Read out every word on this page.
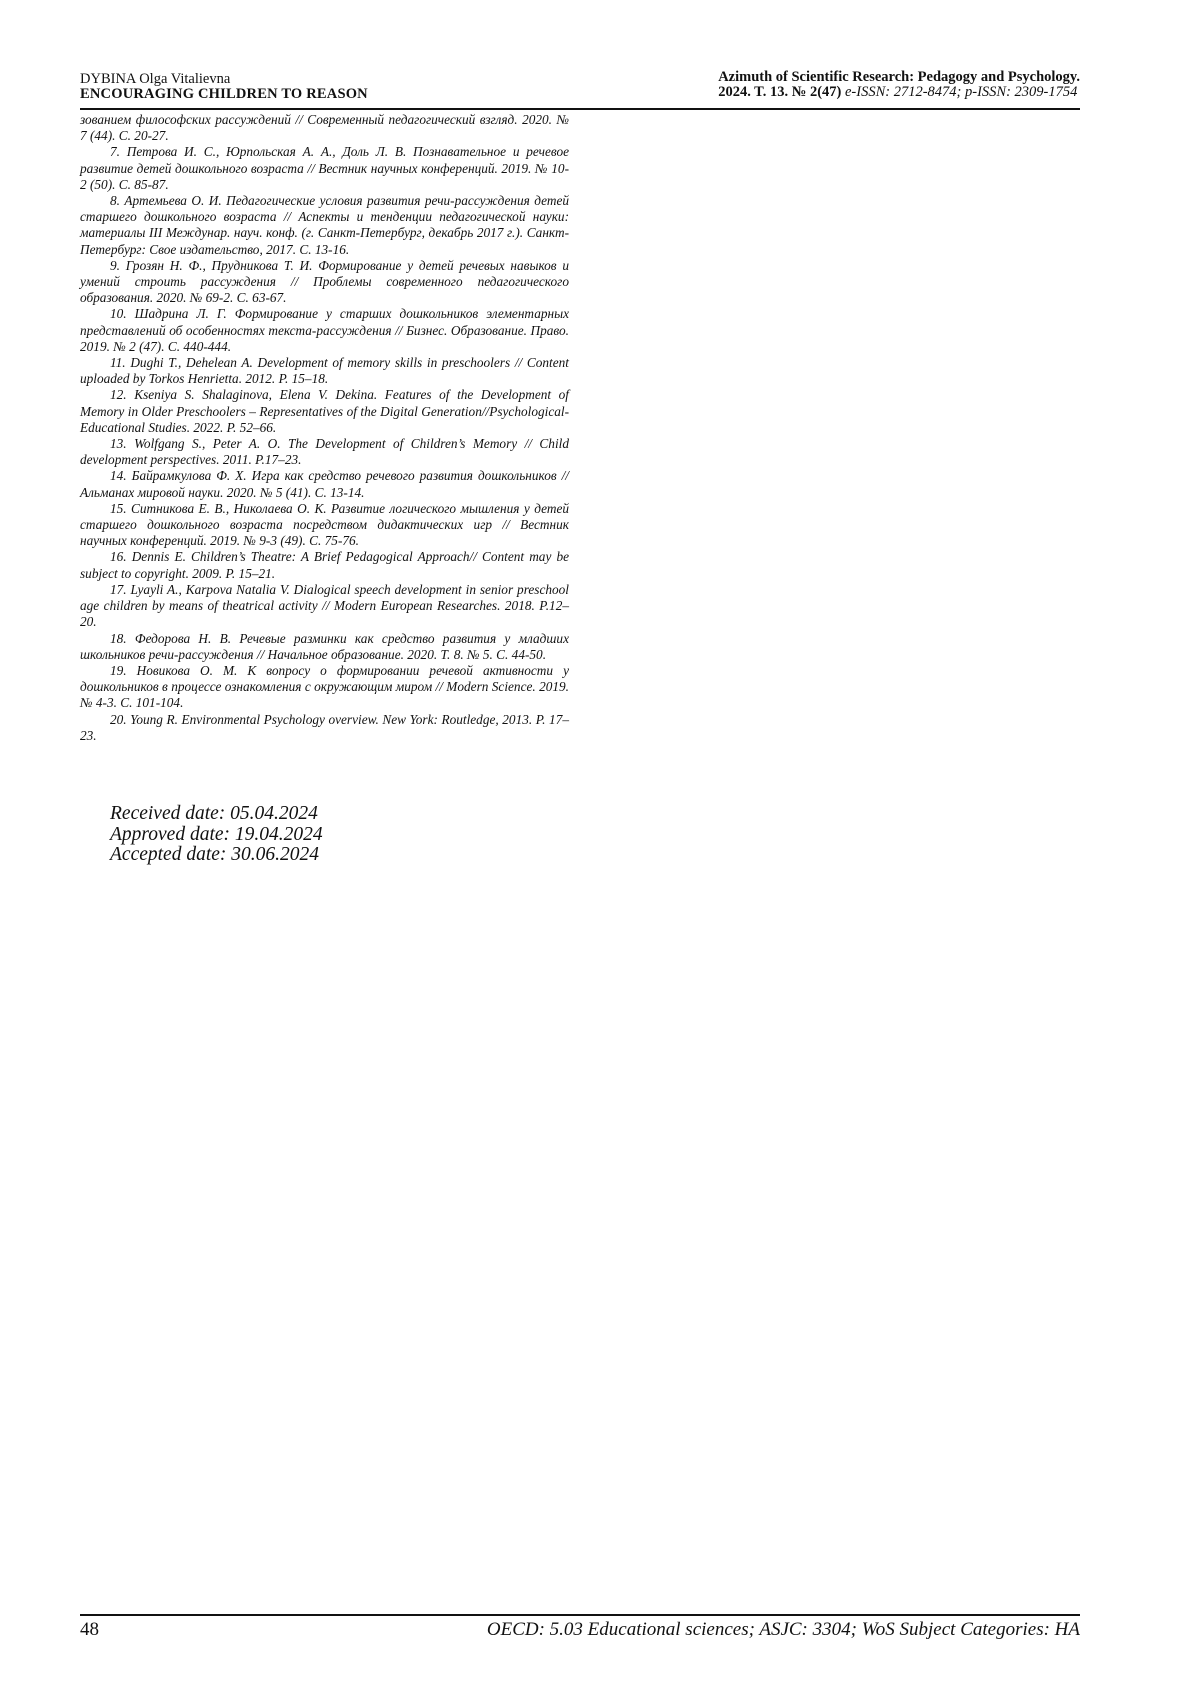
DYBINA Olga Vitalievna
ENCOURAGING CHILDREN TO REASON
Azimuth of Scientific Research: Pedagogy and Psychology.
2024. T. 13. № 2(47) e-ISSN: 2712-8474; p-ISSN: 2309-1754

зованием философских рассуждений // Современный педагогический взгляд. 2020. № 7 (44). С. 20-27.

7. Петрова И. С., Юрпольская А. А., Доль Л. В. Познавательное и речевое развитие детей дошкольного возраста // Вестник научных конференций. 2019. № 10-2 (50). С. 85-87.

8. Артемьева О. И. Педагогические условия развития речи-рассуждения детей старшего дошкольного возраста // Аспекты и тенденции педагогической науки: материалы III Междунар. науч. конф. (г. Санкт-Петербург, декабрь 2017 г.). Санкт-Петербург: Свое издательство, 2017. С. 13-16.

9. Грозян Н. Ф., Прудникова Т. И. Формирование у детей речевых навыков и умений строить рассуждения // Проблемы современного педагогического образования. 2020. № 69-2. С. 63-67.

10. Шадрина Л. Г. Формирование у старших дошкольников элементарных представлений об особенностях текста-рассуждения // Бизнес. Образование. Право. 2019. № 2 (47). С. 440-444.

11. Dughi T., Dehelean A. Development of memory skills in preschoolers // Content uploaded by Torkos Henrietta. 2012. P. 15–18.

12. Kseniya S. Shalaginova, Elena V. Dekina. Features of the Development of Memory in Older Preschoolers – Representatives of the Digital Generation//Psychological-Educational Studies. 2022. P. 52–66.

13. Wolfgang S., Peter A. O. The Development of Children’s Memory // Child development perspectives. 2011. P.17–23.

14. Байрамкулова Ф. Х. Игра как средство речевого развития дошкольников // Альманах мировой науки. 2020. № 5 (41). С. 13-14.

15. Ситникова Е. В., Николаева О. К. Развитие логического мышления у детей старшего дошкольного возраста посредством дидактических игр // Вестник научных конференций. 2019. № 9-3 (49). С. 75-76.

16. Dennis E. Children’s Theatre: A Brief Pedagogical Approach// Content may be subject to copyright. 2009. P. 15–21.

17. Lyayli A., Karpova Natalia V. Dialogical speech development in senior preschool age children by means of theatrical activity // Modern European Researches. 2018. P.12–20.

18. Федорова Н. В. Речевые разминки как средство развития у младших школьников речи-рассуждения // Начальное образование. 2020. Т. 8. № 5. С. 44-50.

19. Новикова О. М. К вопросу о формировании речевой активности у дошкольников в процессе ознакомления с окружающим миром // Modern Science. 2019. № 4-3. С. 101-104.

20. Young R. Environmental Psychology overview. New York: Routledge, 2013. P. 17–23.

Received date: 05.04.2024
Approved date: 19.04.2024
Accepted date: 30.06.2024
48	OECD: 5.03 Educational sciences; ASJC: 3304; WoS Subject Categories: HA
